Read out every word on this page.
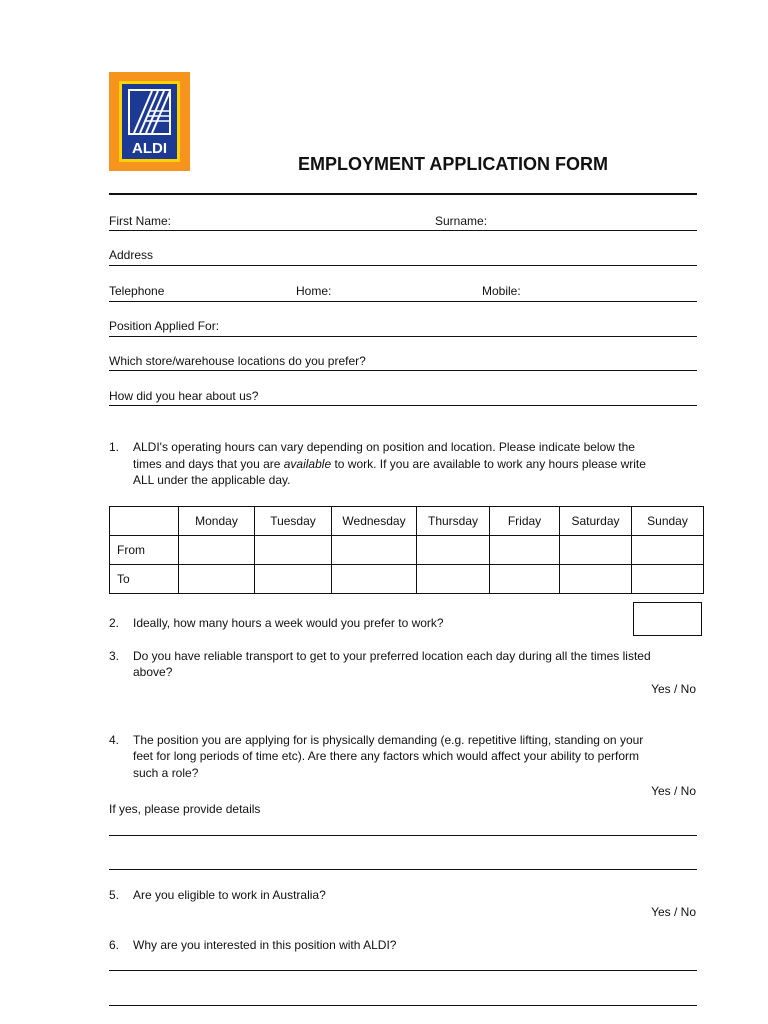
ALDI
EMPLOYMENT APPLICATION FORM
First Name:	Surname:
Address
Telephone	Home:	Mobile:
Position Applied For:
Which store/warehouse locations do you prefer?
How did you hear about us?
1. ALDI's operating hours can vary depending on position and location. Please indicate below the
times and days that you are available to work. If you are available to work any hours please write
ALL under the applicable day.
	Monday	Tuesday	Wednesday	Thursday	Friday	Saturday	Sunday
From							
To							
2. Ideally, how many hours a week would you prefer to work?
3. Do you have reliable transport to get to your preferred location each day during all the times listed
above?
Yes / No
4. The position you are applying for is physically demanding (e.g. repetitive lifting, standing on your
feet for long periods of time etc). Are there any factors which would affect your ability to perform
such a role?
Yes / No
If yes, please provide details
5. Are you eligible to work in Australia?
Yes / No
6. Why are you interested in this position with ALDI?
